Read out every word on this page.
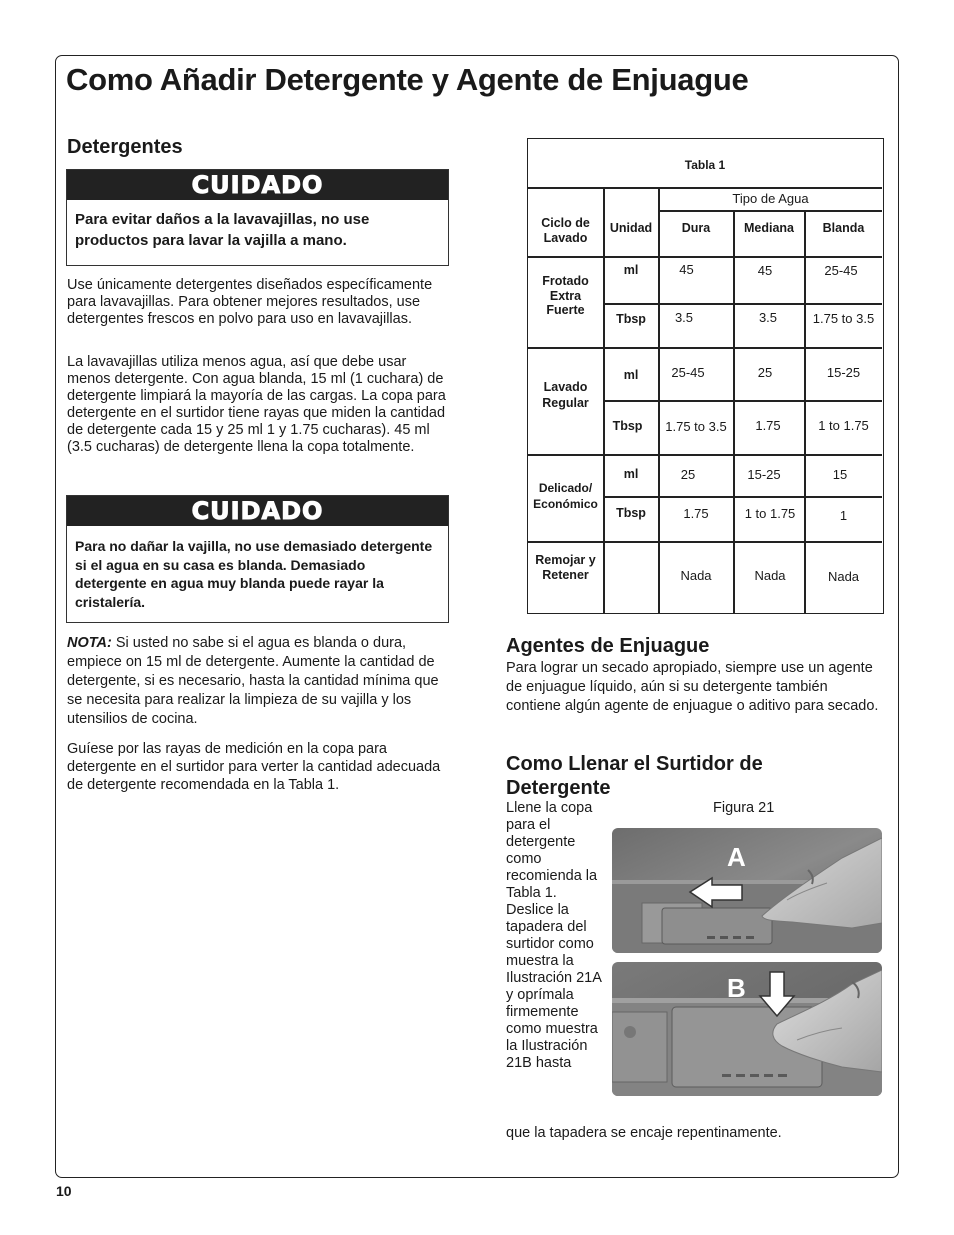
Como Añadir Detergente y Agente de Enjuague
Detergentes
CUIDADO
Para evitar daños a la lavavajillas, no use productos para lavar la vajilla a mano.
Use únicamente detergentes diseñados específicamente para lavavajillas. Para obtener mejores resultados, use detergentes frescos en polvo para uso en lavavajillas.
La lavavajillas utiliza menos agua, así que debe usar menos detergente. Con agua blanda, 15 ml (1 cuchara) de detergente limpiará la mayoría de las cargas. La copa para detergente en el surtidor tiene rayas que miden la cantidad de detergente cada 15 y 25 ml 1 y 1.75 cucharas). 45 ml (3.5 cucharas) de detergente llena la copa totalmente.
CUIDADO
Para no dañar la vajilla, no use demasiado detergente si el agua en su casa es blanda. Demasiado detergente en agua muy blanda puede rayar la cristalería.
NOTA: Si usted no sabe si el agua es blanda o dura, empiece on 15 ml de detergente. Aumente la cantidad de detergente, si es necesario, hasta la cantidad mínima que se necesita para realizar la limpieza de su vajilla y los utensilios de cocina.
Guíese por las rayas de medición en la copa para detergente en el surtidor para verter la cantidad adecuada de detergente recomendada en la Tabla 1.
Tabla 1
Tipo de Agua
Ciclo de Lavado
Unidad	Dura	Mediana	Blanda
Frotado Extra Fuerte
ml	45	45	25-45
Tbsp	3.5	3.5	1.75 to 3.5
Lavado Regular
ml	25-45	25	15-25
Tbsp	1.75 to 3.5	1.75	1 to 1.75
Delicado/ Económico
ml	25	15-25	15
Tbsp	1.75	1 to 1.75	1
Remojar y Retener	Nada	Nada	Nada
Agentes de Enjuague
Para lograr un secado apropiado, siempre use un agente de enjuague líquido, aún si su detergente también contiene algún agente de enjuague o aditivo para secado.
Como Llenar el Surtidor de Detergente
Llene la copa para el detergente como recomienda la Tabla 1. Deslice la tapadera del surtidor como muestra la Ilustración 21A y oprímala firmemente como muestra la Ilustración 21B hasta
que la tapadera se encaje repentinamente.
Figura 21
A
B
10
